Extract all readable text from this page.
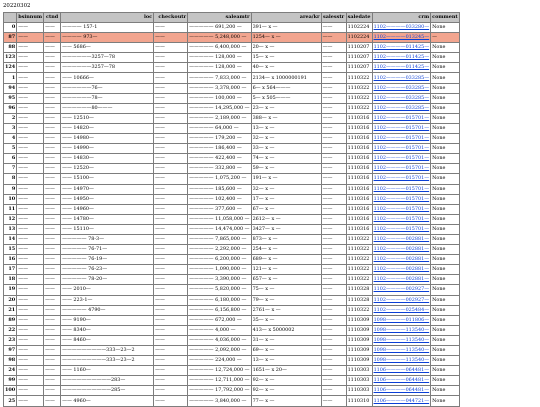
20220302
	bsinnum	ctnd	loc	checkoutr	saleamtr	area/kr	salesstr	saledate	crm	comment
0	——	——	———— 157-1	——	————— 691,200 —	391— x —	——	1102224	1102————033280—	None
87	——	——	———— 973—	——	————— 5,248,000 —	1254— x —	——	1102224	1102————013245—	—
88	——	——	—— 5686—	——	————— 6,400,000 —	20— x —	——	1110207	1102————011425—	None
123	——	——	——————3257—78	——	————— 128,000 —	15— x —	——	1110207	1102————011425—	None
124	——	——	——————3257—78	——	————— 128,000 —	40— x —	——	1110207	1102————011425—	None
1	——	——	—— 10666—	——	————— 7,833,000 —	2134— x 1000000191	——	1110322	1102————033285—	None
94	——	——	——————76—	——	————— 3,378,000 —	6— x 564———	——	1110322	1102————033285—	None
95	——	——	——————78—	——	————— 100,000 —	5— x 505———	——	1110322	1102————033285—	None
96	——	——	——————80———	——	————— 14,295,000 —	23— x —	——	1110322	1102————033285—	None
2	——	——	—— 12510—	——	————— 2,189,000 —	388— x —	——	1110316	1102————015701—	None
3	——	——	—— 14820—	——	————— 64,000 —	13— x —	——	1110316	1102————015701—	None
4	——	——	—— 14980—	——	————— 179,200 —	32— x —	——	1110316	1102————015701—	None
5	——	——	—— 14990—	——	————— 186,400 —	33— x —	——	1110316	1102————015701—	None
6	——	——	—— 14830—	——	————— 422,400 —	74— x —	——	1110316	1102————015701—	None
7	——	——	—— 12520—	——	————— 332,800 —	59— x —	——	1110316	1102————015701—	None
8	——	——	—— 15100—	——	————— 1,075,200 —	191— x —	——	1110316	1102————015701—	None
9	——	——	—— 14970—	——	————— 185,600 —	32— x —	——	1110316	1102————015701—	None
10	——	——	—— 14950—	——	————— 102,400 —	17— x —	——	1110316	1102————015701—	None
11	——	——	—— 14960—	——	————— 377,600 —	67— x —	——	1110316	1102————015701—	None
12	——	——	—— 14780—	——	————— 11,058,000 —	2612— x —	——	1110316	1102————015701—	None
13	——	——	—— 15110—	——	————— 14,474,000 —	3427— x —	——	1110316	1102————015701—	None
14	——	——	————— 78-3—	——	————— 7,865,000 —	873— x —	——	1110322	1102————002881—	None
15	——	——	————— 76-71—	——	————— 2,292,000 —	254— x —	——	1110322	1102————002881—	None
16	——	——	————— 76-19—	——	————— 6,200,000 —	689— x —	——	1110322	1102————002881—	None
17	——	——	————— 76-23—	——	————— 1,090,000 —	121— x —	——	1110322	1102————002881—	None
18	——	——	————— 78-20—	——	————— 3,390,000 —	657— x —	——	1110322	1102————002881—	None
19	——	——	—— 2010—	——	————— 5,820,000 —	75— x —	——	1110328	1102————002927—	None
20	——	——	—— 223-1—	——	————— 6,180,000 —	79— x —	——	1110328	1102————002927—	None
21	——	——	————— 4790—	——	————— 6,156,800 —	2761— x —	——	1110322	1102————025484—	None
89	——	——	—— 9190—	——	————— 672,000 —	35— x —	——	1110309	1098————011806—	None
22	——	——	—— 8340—	——	————— 4,000 —	413— x 5000002	——	1110309	1098————113540—	None
23	——	——	—— 8460—	——	————— 4,036,000 —	31— x —	——	1110309	1098————113540—	None
97	——	——	—————————333—23—2	——	————— 2,092,000 —	69— x —	——	1110309	1098————113540—	None
98	——	——	—————————333—23—2	——	————— 224,000 —	13— x —	——	1110309	1098————113540—	None
24	——	——	—— 1160—	——	————— 12,724,000 —	1651— x 20—	——	1110303	1106————064481—	None
99	——	——	——————————283—	——	————— 12,711,000 —	92— x —	——	1110303	1106————064481—	None
100	——	——	——————————285—	——	————— 17,792,000 —	92— x —	——	1110303	1106————064481—	None
25	——	——	—— 4960—	——	————— 3,840,000 —	77— x —	——	1110310	1106————044721—	None
